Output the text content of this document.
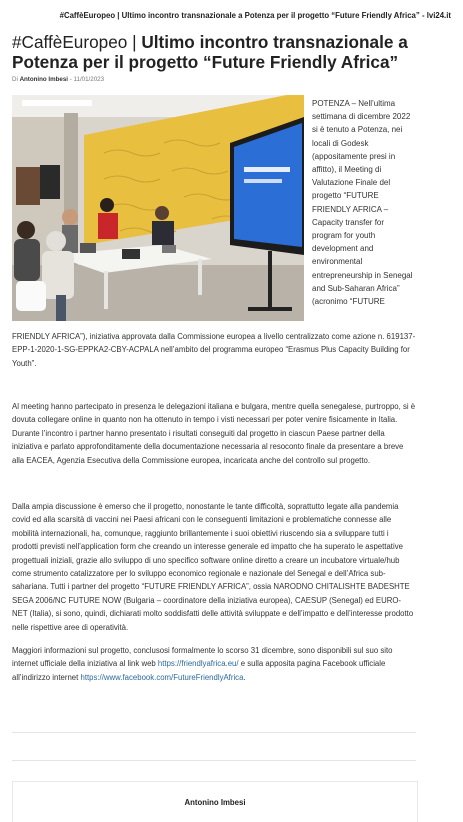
#CaffèEuropeo | Ultimo incontro transnazionale a Potenza per il progetto “Future Friendly Africa” - lvi24.it
#CaffèEuropeo | Ultimo incontro transnazionale a Potenza per il progetto “Future Friendly Africa”
Di Antonino Imbesi - 11/01/2023
POTENZA – Nell’ultima settimana di dicembre 2022 si è tenuto a Potenza, nei locali di Godesk (appositamente presi in affitto), il Meeting di Valutazione Finale del progetto “FUTURE FRIENDLY AFRICA – Capacity transfer for program for youth development and environmental entrepreneurship in Senegal and Sub-Saharan Africa” (acronimo “FUTURE

FRIENDLY AFRICA”), iniziativa approvata dalla Commissione europea a livello centralizzato come azione n. 619137-EPP-1-2020-1-SG-EPPKA2-CBY-ACPALA nell’ambito del programma europeo “Erasmus Plus Capacity Building for Youth”.

Al meeting hanno partecipato in presenza le delegazioni italiana e bulgara, mentre quella senegalese, purtroppo, si è dovuta collegare online in quanto non ha ottenuto in tempo i visti necessari per poter venire fisicamente in Italia. Durante l’incontro i partner hanno presentato i risultati conseguiti dal progetto in ciascun Paese partner della iniziativa e parlato approfonditamente della documentazione necessaria al resoconto finale da presentare a breve alla EACEA, Agenzia Esecutiva della Commissione europea, incaricata anche del controllo sul progetto.

Dalla ampia discussione è emerso che il progetto, nonostante le tante difficoltà, soprattutto legate alla pandemia covid ed alla scarsità di vaccini nei Paesi africani con le conseguenti limitazioni e problematiche connesse alle mobilità internazionali, ha, comunque, raggiunto brillantemente i suoi obiettivi riuscendo sia a sviluppare tutti i prodotti previsti nell’application form che creando un interesse generale ed impatto che ha superato le aspettative progettuali iniziali, grazie allo sviluppo di uno specifico software online diretto a creare un incubatore virtuale/hub come strumento catalizzatore per lo sviluppo economico regionale e nazionale del Senegal e dell’Africa sub-sahariana. Tutti i partner del progetto “FUTURE FRIENDLY AFRICA”, ossia NARODNO CHITALISHTE BADESHTE SEGA 2006/NC FUTURE NOW (Bulgaria – coordinatore della iniziativa europea), CAESUP (Senegal) ed EURO-NET (Italia), si sono, quindi, dichiarati molto soddisfatti delle attività sviluppate e dell’impatto e dell’interesse prodotto nelle rispettive aree di operatività.

Maggiori informazioni sul progetto, conclusosi formalmente lo scorso 31 dicembre, sono disponibili sul suo sito internet ufficiale della iniziativa al link web https://friendlyafrica.eu/ e sulla apposita pagina Facebook ufficiale all’indirizzo internet https://www.facebook.com/FutureFriendlyAfrica.

Antonino Imbesi
